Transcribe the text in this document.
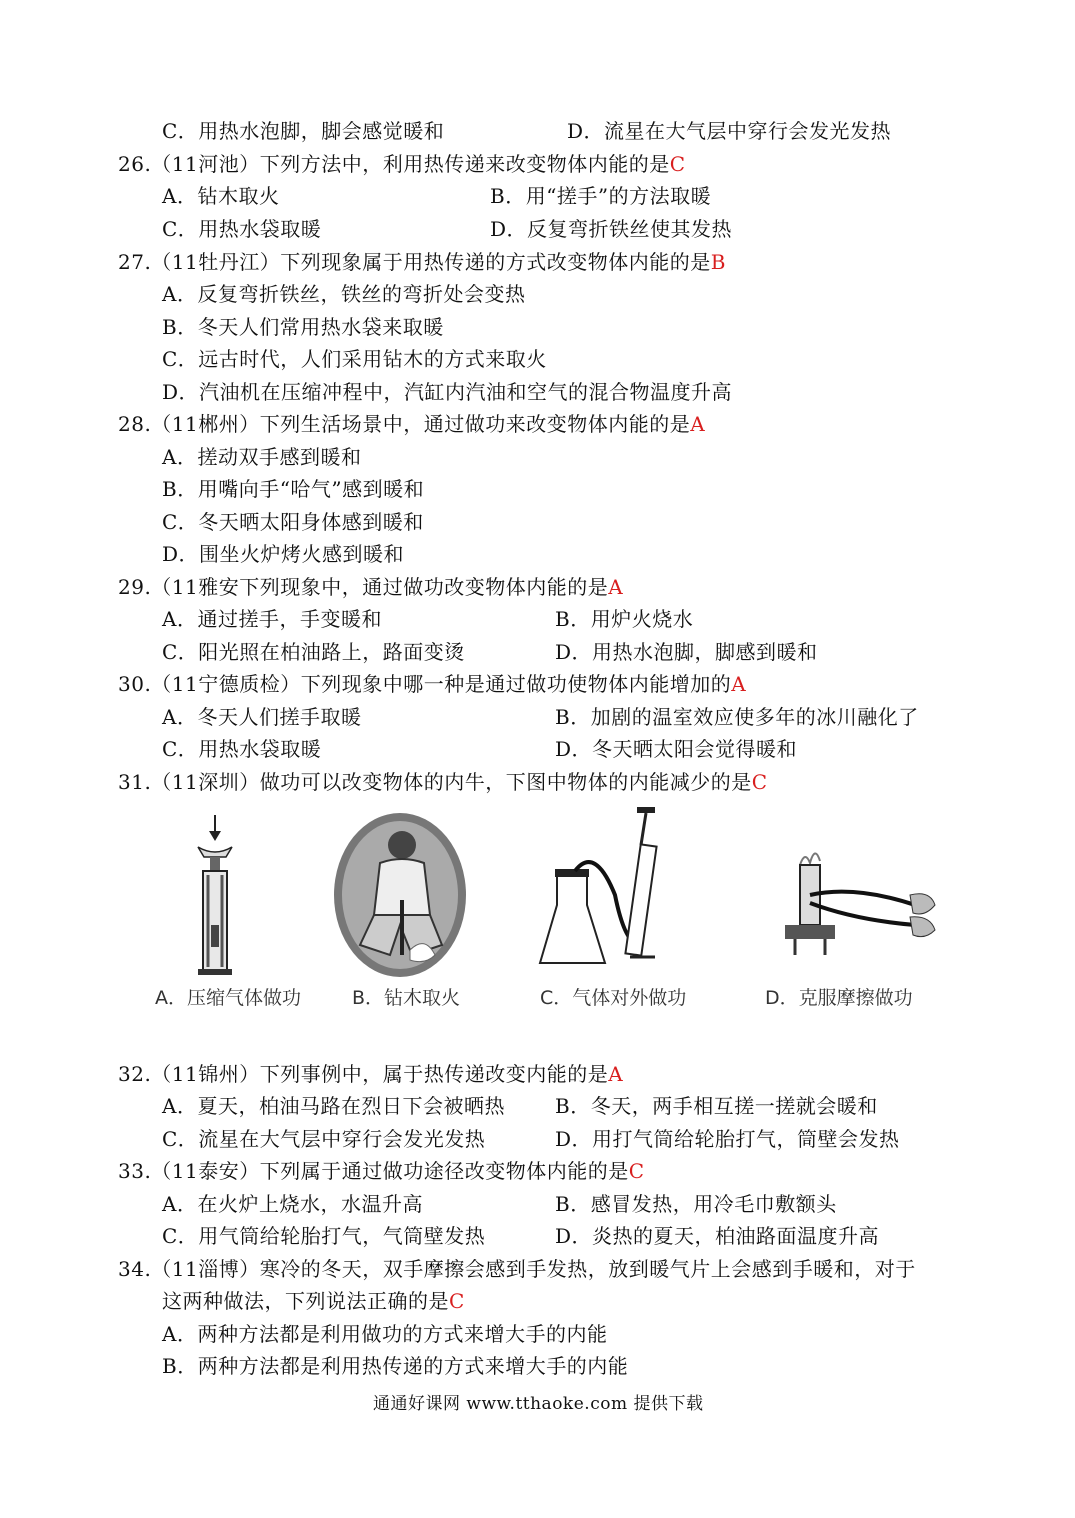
C．用热水泡脚，脚会感觉暖和	D．流星在大气层中穿行会发光发热
26.（11河池）下列方法中，利用热传递来改变物体内能的是C
A．钻木取火	B．用“搓手”的方法取暖
C．用热水袋取暖	D．反复弯折铁丝使其发热
27.（11牡丹江）下列现象属于用热传递的方式改变物体内能的是B
A．反复弯折铁丝，铁丝的弯折处会变热
B．冬天人们常用热水袋来取暖
C．远古时代，人们采用钻木的方式来取火
D．汽油机在压缩冲程中，汽缸内汽油和空气的混合物温度升高
28.（11郴州）下列生活场景中，通过做功来改变物体内能的是A
A．搓动双手感到暖和
B．用嘴向手“哈气”感到暖和
C．冬天晒太阳身体感到暖和
D．围坐火炉烤火感到暖和
29.（11雅安下列现象中，通过做功改变物体内能的是A
A．通过搓手，手变暖和	B．用炉火烧水
C．阳光照在柏油路上，路面变烫	D．用热水泡脚，脚感到暖和
30.（11宁德质检）下列现象中哪一种是通过做功使物体内能增加的A
A．冬天人们搓手取暖	B．加剧的温室效应使多年的冰川融化了
C．用热水袋取暖	D．冬天晒太阳会觉得暖和
31.（11深圳）做功可以改变物体的内牛，下图中物体的内能减少的是C
32.（11锦州）下列事例中，属于热传递改变内能的是A
A．夏天，柏油马路在烈日下会被晒热	B．冬天，两手相互搓一搓就会暖和
C．流星在大气层中穿行会发光发热	D．用打气筒给轮胎打气，筒壁会发热
33.（11泰安）下列属于通过做功途径改变物体内能的是C
A．在火炉上烧水，水温升高	B．感冒发热，用冷毛巾敷额头
C．用气筒给轮胎打气，气筒壁发热	D．炎热的夏天，柏油路面温度升高
34.（11淄博）寒冷的冬天，双手摩擦会感到手发热，放到暖气片上会感到手暖和，对于
这两种做法，下列说法正确的是C
A．两种方法都是利用做功的方式来增大手的内能
B．两种方法都是利用热传递的方式来增大手的内能
A．压缩气体做功	B．钻木取火	C．气体对外做功	D．克服摩擦做功
通通好课网 www.tthaoke.com 提供下载
